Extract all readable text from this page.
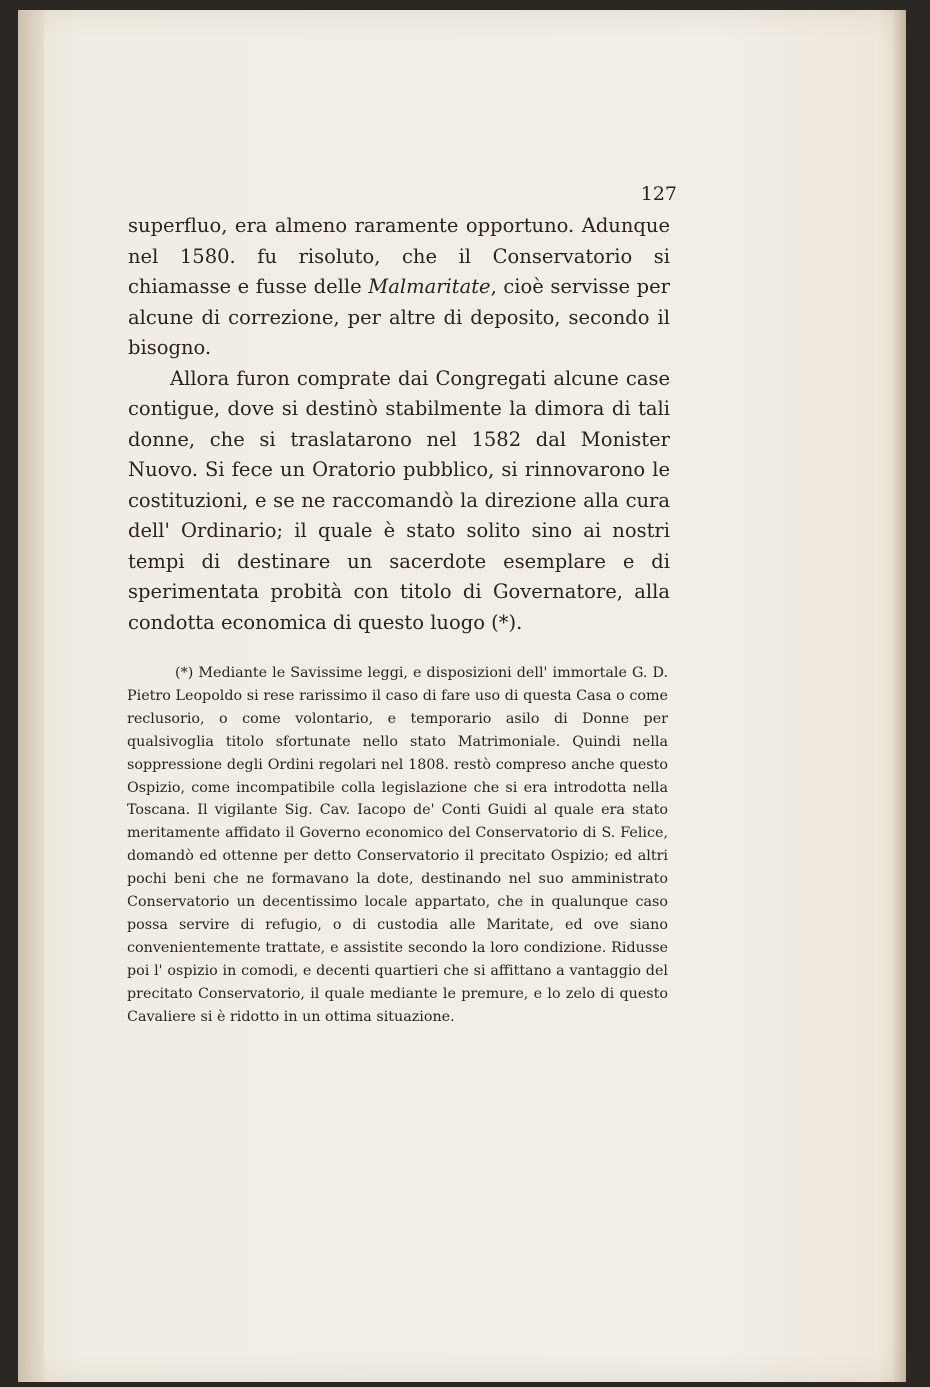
127

superfluo, era almeno raramente opportuno. Adunque nel 1580. fu risoluto, che il Conservatorio si chiamasse e fusse delle Malmaritate, cioè servisse per alcune di correzione, per altre di deposito, secondo il bisogno.

Allora furon comprate dai Congregati alcune case contigue, dove si destinò stabilmente la dimora di tali donne, che si traslatarono nel 1582 dal Monister Nuovo. Si fece un Oratorio pubblico, si rinnovarono le costituzioni, e se ne raccomandò la direzione alla cura dell' Ordinario; il quale è stato solito sino ai nostri tempi di destinare un sacerdote esemplare e di sperimentata probità con titolo di Governatore, alla condotta economica di questo luogo (*).

(*) Mediante le Savissime leggi, e disposizioni dell' immortale G. D. Pietro Leopoldo si rese rarissimo il caso di fare uso di questa Casa o come reclusorio, o come volontario, e temporario asilo di Donne per qualsivoglia titolo sfortunate nello stato Matrimoniale. Quindi nella soppressione degli Ordini regolari nel 1808. restò compreso anche questo Ospizio, come incompatibile colla legislazione che si era introdotta nella Toscana. Il vigilante Sig. Cav. Iacopo de' Conti Guidi al quale era stato meritamente affidato il Governo economico del Conservatorio di S. Felice, domandò ed ottenne per detto Conservatorio il precitato Ospizio; ed altri pochi beni che ne formavano la dote, destinando nel suo amministrato Conservatorio un decentissimo locale appartato, che in qualunque caso possa servire di refugio, o di custodia alle Maritate, ed ove siano convenientemente trattate, e assistite secondo la loro condizione. Ridusse poi l' ospizio in comodi, e decenti quartieri che si affittano a vantaggio del precitato Conservatorio, il quale mediante le premure, e lo zelo di questo Cavaliere si è ridotto in un ottima situazione.
